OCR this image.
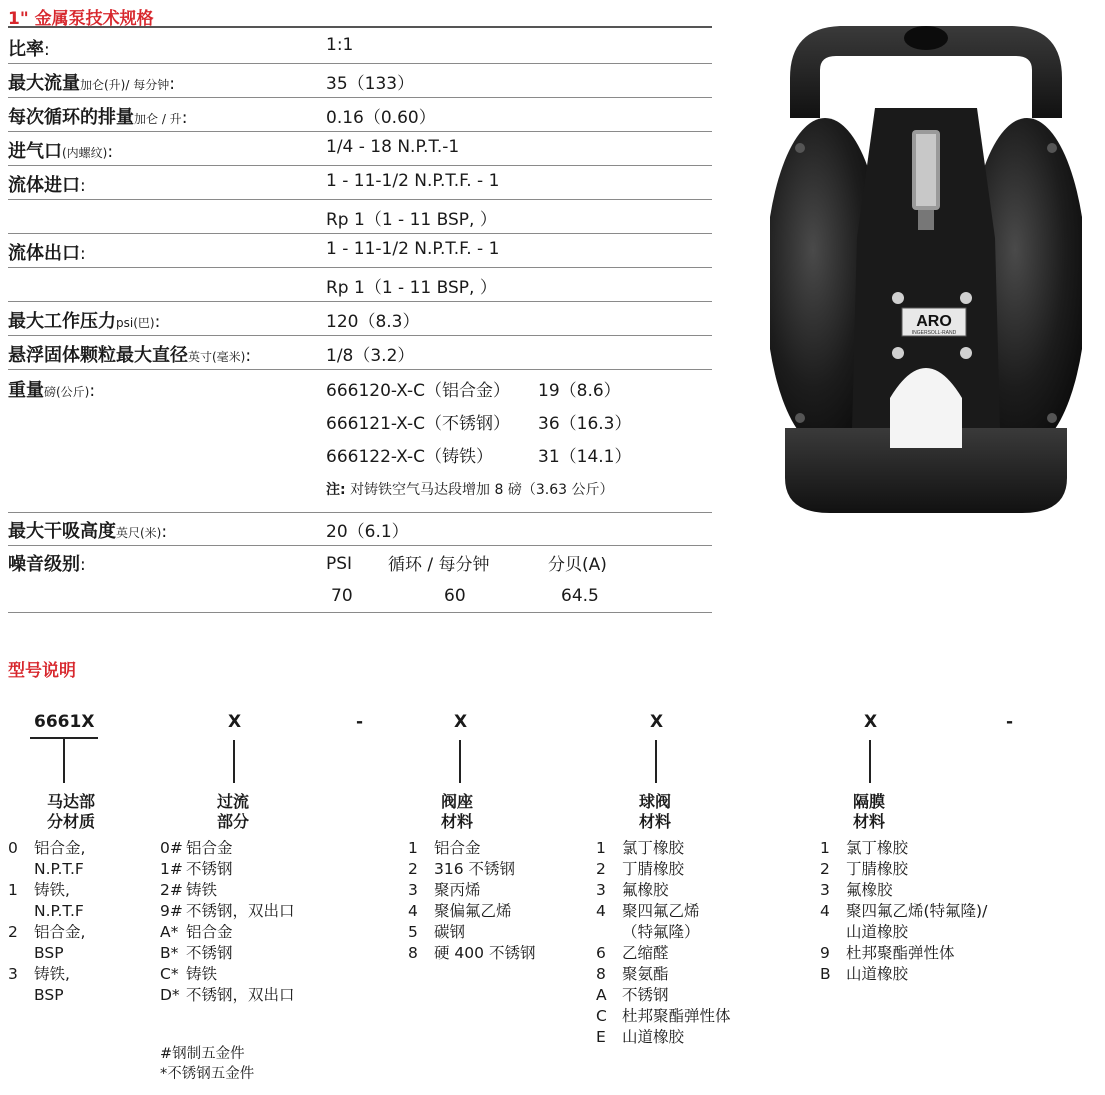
1" 金属泵技术规格
比率:	1:1
最大流量加仑(升)/ 每分钟:	35（133）
每次循环的排量加仑 / 升:	0.16（0.60）
进气口(内螺纹):	1/4 - 18 N.P.T.-1
流体进口:	1 - 11-1/2 N.P.T.F. - 1
Rp 1（1 - 11 BSP, ）
流体出口:	1 - 11-1/2 N.P.T.F. - 1
Rp 1（1 - 11 BSP, ）
最大工作压力psi(巴):	120（8.3）
悬浮固体颗粒最大直径英寸(毫米):	1/8（3.2）
重量磅(公斤):	666120-X-C（铝合金） 19（8.6）
666121-X-C（不锈钢） 36（16.3）
666122-X-C（铸铁）	31（14.1）
注: 对铸铁空气马达段增加 8 磅（3.63 公斤）
最大干吸高度英尺(米):	20（6.1）
噪音级别:	PSI 循环 / 每分钟	分贝(A)
70	60	64.5
ARO
INGERSOLL-RAND
型号说明
6661X	X	-	X	X	X	-
马达部
分材质
0 铝合金,
N.P.T.F
1 铸铁,
N.P.T.F
2 铝合金,
BSP
3 铸铁,
BSP
过流
部分
0# 铝合金
1# 不锈钢
2# 铸铁
9# 不锈钢，双出口
A* 铝合金
B* 不锈钢
C* 铸铁
D* 不锈钢，双出口
#钢制五金件
*不锈钢五金件
阀座
材料
1 铝合金
2 316 不锈钢
3 聚丙烯
4 聚偏氟乙烯
5 碳钢
8 硬 400 不锈钢
球阀
材料
1 氯丁橡胶
2 丁腈橡胶
3 氟橡胶
4 聚四氟乙烯
（特氟隆）
6 乙缩醛
8 聚氨酯
A 不锈钢
C 杜邦聚酯弹性体
E 山道橡胶
隔膜
材料
1 氯丁橡胶
2 丁腈橡胶
3 氟橡胶
4 聚四氟乙烯(特氟隆)/
山道橡胶
9 杜邦聚酯弹性体
B 山道橡胶
